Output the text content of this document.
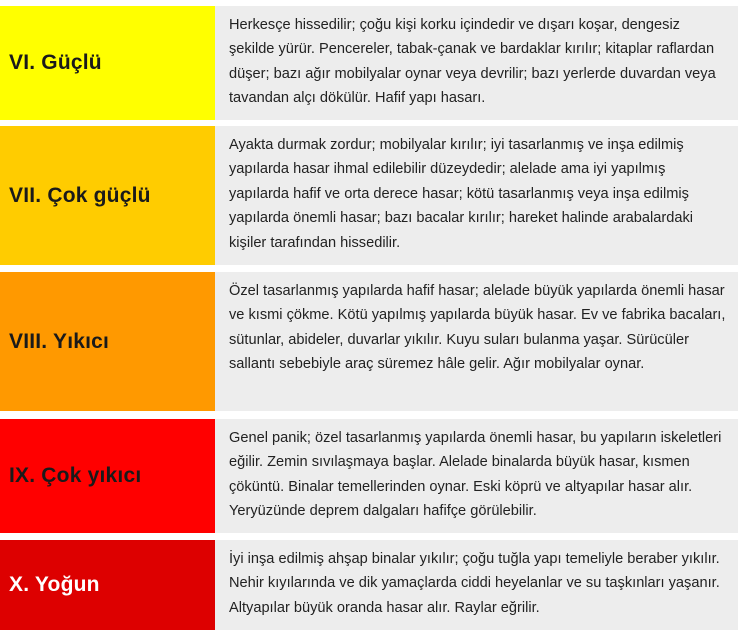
VI. Güçlü
Herkesçe hissedilir; çoğu kişi korku içindedir ve dışarı koşar, dengesiz şekilde yürür. Pencereler, tabak-çanak ve bardaklar kırılır; kitaplar raflardan düşer; bazı ağır mobilyalar oynar veya devrilir; bazı yerlerde duvardan veya tavandan alçı dökülür. Hafif yapı hasarı.
VII. Çok güçlü
Ayakta durmak zordur; mobilyalar kırılır; iyi tasarlanmış ve inşa edilmiş yapılarda hasar ihmal edilebilir düzeydedir; alelade ama iyi yapılmış yapılarda hafif ve orta derece hasar; kötü tasarlanmış veya inşa edilmiş yapılarda önemli hasar; bazı bacalar kırılır; hareket halinde arabalardaki kişiler tarafından hissedilir.
VIII. Yıkıcı
Özel tasarlanmış yapılarda hafif hasar; alelade büyük yapılarda önemli hasar ve kısmi çökme. Kötü yapılmış yapılarda büyük hasar. Ev ve fabrika bacaları, sütunlar, abideler, duvarlar yıkılır. Kuyu suları bulanma yaşar. Sürücüler sallantı sebebiyle araç süremez hâle gelir. Ağır mobilyalar oynar.
IX. Çok yıkıcı
Genel panik; özel tasarlanmış yapılarda önemli hasar, bu yapıların iskeletleri eğilir. Zemin sıvılaşmaya başlar. Alelade binalarda büyük hasar, kısmen çöküntü. Binalar temellerinden oynar. Eski köprü ve altyapılar hasar alır. Yeryüzünde deprem dalgaları hafifçe görülebilir.
X. Yoğun
İyi inşa edilmiş ahşap binalar yıkılır; çoğu tuğla yapı temeliyle beraber yıkılır. Nehir kıyılarında ve dik yamaçlarda ciddi heyelanlar ve su taşkınları yaşanır. Altyapılar büyük oranda hasar alır. Raylar eğrilir.
